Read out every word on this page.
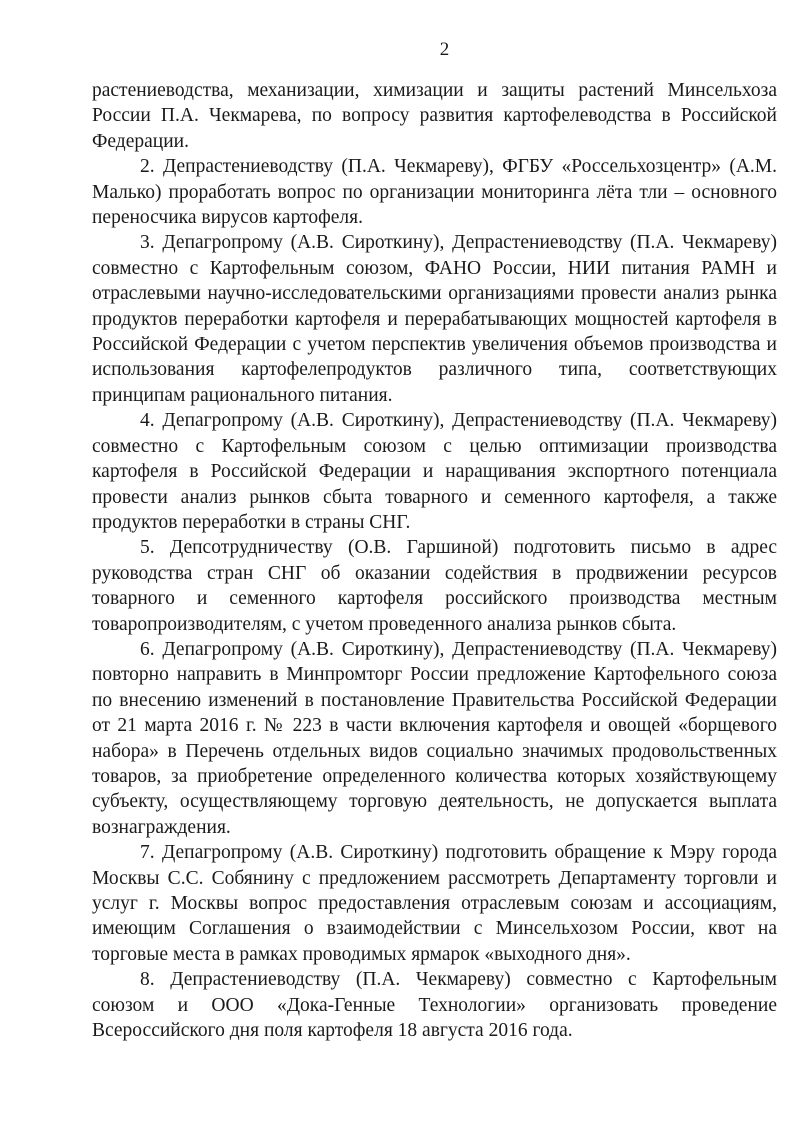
2

растениеводства, механизации, химизации и защиты растений Минсельхоза России П.А. Чекмарева, по вопросу развития картофелеводства в Российской Федерации.

2. Депрастениеводству (П.А. Чекмареву), ФГБУ «Россельхозцентр» (А.М. Малько) проработать вопрос по организации мониторинга лёта тли – основного переносчика вирусов картофеля.

3. Депагропрому (А.В. Сироткину), Депрастениеводству (П.А. Чекмареву) совместно с Картофельным союзом, ФАНО России, НИИ питания РАМН и отраслевыми научно-исследовательскими организациями провести анализ рынка продуктов переработки картофеля и перерабатывающих мощностей картофеля в Российской Федерации с учетом перспектив увеличения объемов производства и использования картофелепродуктов различного типа, соответствующих принципам рационального питания.

4. Депагропрому (А.В. Сироткину), Депрастениеводству (П.А. Чекмареву) совместно с Картофельным союзом с целью оптимизации производства картофеля в Российской Федерации и наращивания экспортного потенциала провести анализ рынков сбыта товарного и семенного картофеля, а также продуктов переработки в страны СНГ.

5. Депсотрудничеству (О.В. Гаршиной) подготовить письмо в адрес руководства стран СНГ об оказании содействия в продвижении ресурсов товарного и семенного картофеля российского производства местным товаропроизводителям, с учетом проведенного анализа рынков сбыта.

6. Депагропрому (А.В. Сироткину), Депрастениеводству (П.А. Чекмареву) повторно направить в Минпромторг России предложение Картофельного союза по внесению изменений в постановление Правительства Российской Федерации от 21 марта 2016 г. № 223 в части включения картофеля и овощей «борщевого набора» в Перечень отдельных видов социально значимых продовольственных товаров, за приобретение определенного количества которых хозяйствующему субъекту, осуществляющему торговую деятельность, не допускается выплата вознаграждения.

7. Депагропрому (А.В. Сироткину) подготовить обращение к Мэру города Москвы С.С. Собянину с предложением рассмотреть Департаменту торговли и услуг г. Москвы вопрос предоставления отраслевым союзам и ассоциациям, имеющим Соглашения о взаимодействии с Минсельхозом России, квот на торговые места в рамках проводимых ярмарок «выходного дня».

8. Депрастениеводству (П.А. Чекмареву) совместно с Картофельным союзом и ООО «Дока-Генные Технологии» организовать проведение Всероссийского дня поля картофеля 18 августа 2016 года.
